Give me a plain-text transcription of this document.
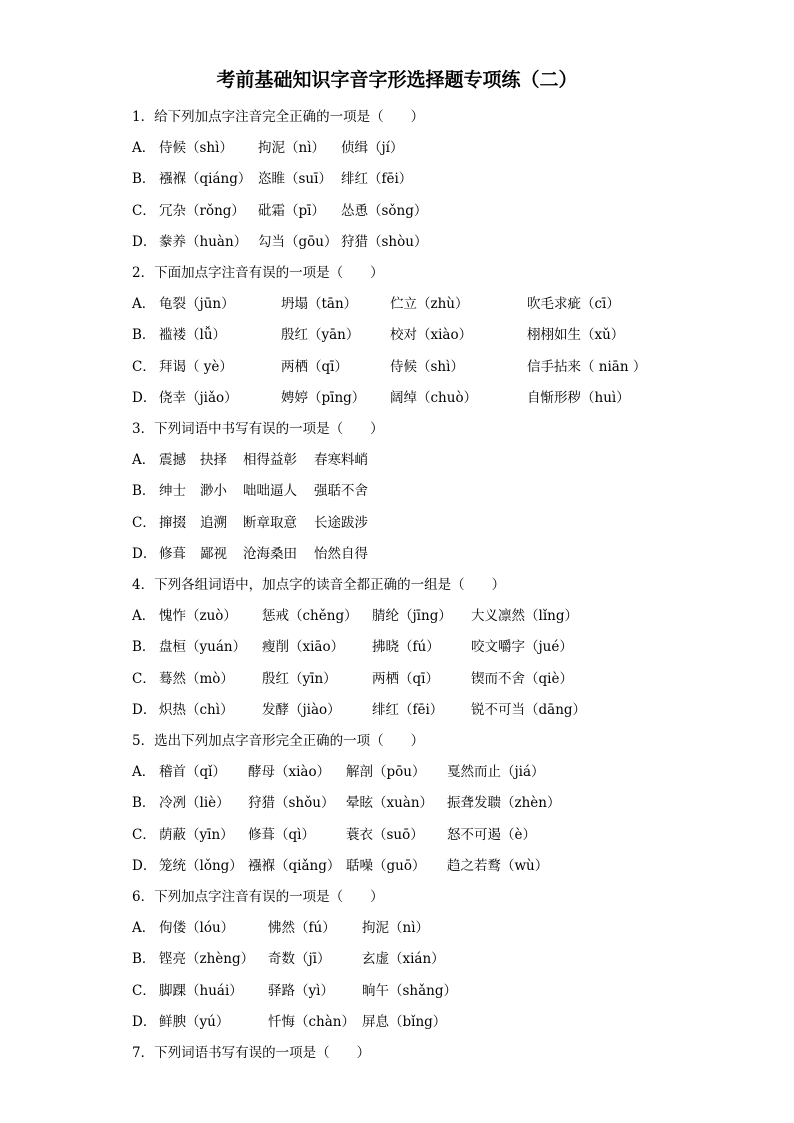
考前基础知识字音字形选择题专项练（二）
1．给下列加点字注音完全正确的一项是（　　）
A． 侍候（shì） 拘泥（nì） 侦缉（jí）
B． 襁褓（qiáng） 恣睢（suī） 绯红（fēi）
C． 冗杂（rǒng） 砒霜（pī） 怂恿（sǒng）
D． 豢养（huàn） 勾当（gōu） 狩猎（shòu）
2．下面加点字注音有误的一项是（　　）
A． 龟裂（jūn）	坍塌（tān） 伫立（zhù）	吹毛求疵（cī）
B． 褴褛（lǚ）	殷红（yān） 校对（xiào）	栩栩如生（xǔ）
C． 拜谒（ yè）	两栖（qī）	侍候（shì）	信手拈来（ niān ）
D． 侥幸（jiǎo）	娉婷（pīng） 阔绰（chuò）	自惭形秽（huì）
3．下列词语中书写有误的一项是（　　）
A． 震撼 抉择 相得益彰 春寒料峭
B． 绅士 渺小 咄咄逼人 强聒不舍
C． 撺掇 追溯 断章取意 长途跋涉
D． 修葺 鄙视 沧海桑田 怡然自得
4．下列各组词语中，加点字的读音全都正确的一组是（　　）
A． 愧怍（zuò） 惩戒（chěng） 腈纶（jīng） 大义凛然（lǐng）
B． 盘桓（yuán） 瘦削（xiāo） 拂晓（fú） 咬文嚼字（jué）
C． 蓦然（mò） 殷红（yīn）	两栖（qī） 锲而不舍（qiè）
D． 炽热（chì） 发酵（jiào） 绯红（fēi） 锐不可当（dāng）
5．选出下列加点字音形完全正确的一项（　　）
A． 稽首（qǐ） 酵母（xiào） 解剖（pōu） 戛然而止（jiá）
B． 冷冽（liè） 狩猎（shǒu） 晕眩（xuàn） 振聋发聩（zhèn）
C． 荫蔽（yīn） 修葺（qì） 蓑衣（suō） 怒不可遏（è）
D． 笼统（lǒng） 襁褓（qiǎng） 聒噪（guō） 趋之若鹜（wù）
6．下列加点字注音有误的一项是（　　）
A． 佝偻（lóu）	怫然（fú） 拘泥（nì）
B． 铿亮（zhèng） 奇数（jī） 玄虚（xián）
C． 脚踝（huái） 驿路（yì） 晌午（shǎng）
D． 鲜腴（yú）	忏悔（chàn） 屏息（bǐng）
7．下列词语书写有误的一项是（　　）
